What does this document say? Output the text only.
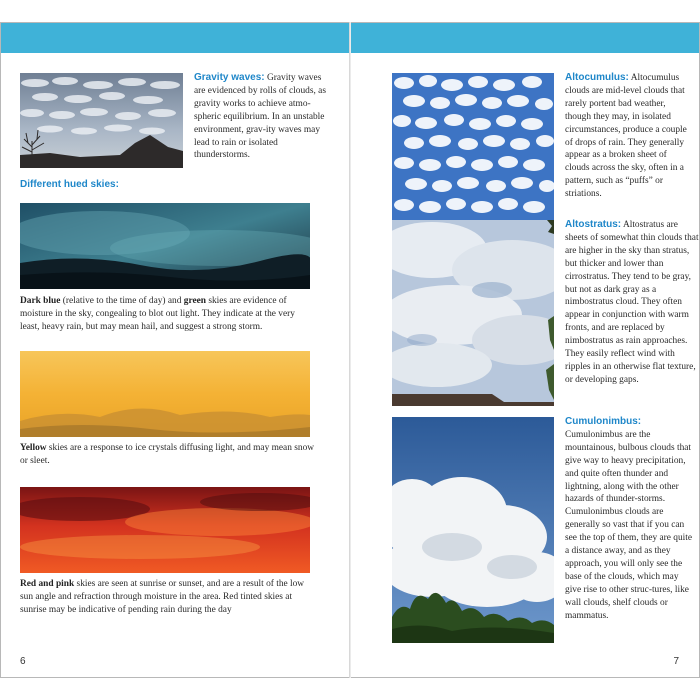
Gravity waves: Gravity waves are evidenced by rolls of clouds, as gravity works to achieve atmo-spheric equilibrium. In an unstable environment, grav-ity waves may lead to rain or isolated thunderstorms.
Different hued skies:
Dark blue (relative to the time of day) and green skies are evidence of moisture in the sky, congealing to blot out light. They indicate at the very least, heavy rain, but may mean hail, and suggest a strong storm.
Yellow skies are a response to ice crystals diffusing light, and may mean snow or sleet.
Red and pink skies are seen at sunrise or sunset, and are a result of the low sun angle and refraction through moisture in the area. Red tinted skies at sunrise may be indicative of pending rain during the day
6
Altocumulus: Altocumulus clouds are mid-level clouds that rarely portent bad weather, though they may, in isolated circumstances, produce a couple of drops of rain. They generally appear as a broken sheet of clouds across the sky, often in a pattern, such as “puffs” or striations.
Altostratus: Altostratus are sheets of somewhat thin clouds that are higher in the sky than stratus, but thicker and lower than cirrostratus. They tend to be gray, but not as dark gray as a nimbostratus cloud. They often appear in conjunction with warm fronts, and are replaced by nimbostratus as rain approaches. They easily reflect wind with ripples in an otherwise flat texture, or developing gaps.
Cumulonimbus: Cumulonimbus are the mountainous, bulbous clouds that give way to heavy precipitation, and quite often thunder and lightning, along with the other hazards of thunder-storms. Cumulonimbus clouds are generally so vast that if you can see the top of them, they are quite a distance away, and as they approach, you will only see the base of the clouds, which may give rise to other struc-tures, like wall clouds, shelf clouds or mammatus.
7
